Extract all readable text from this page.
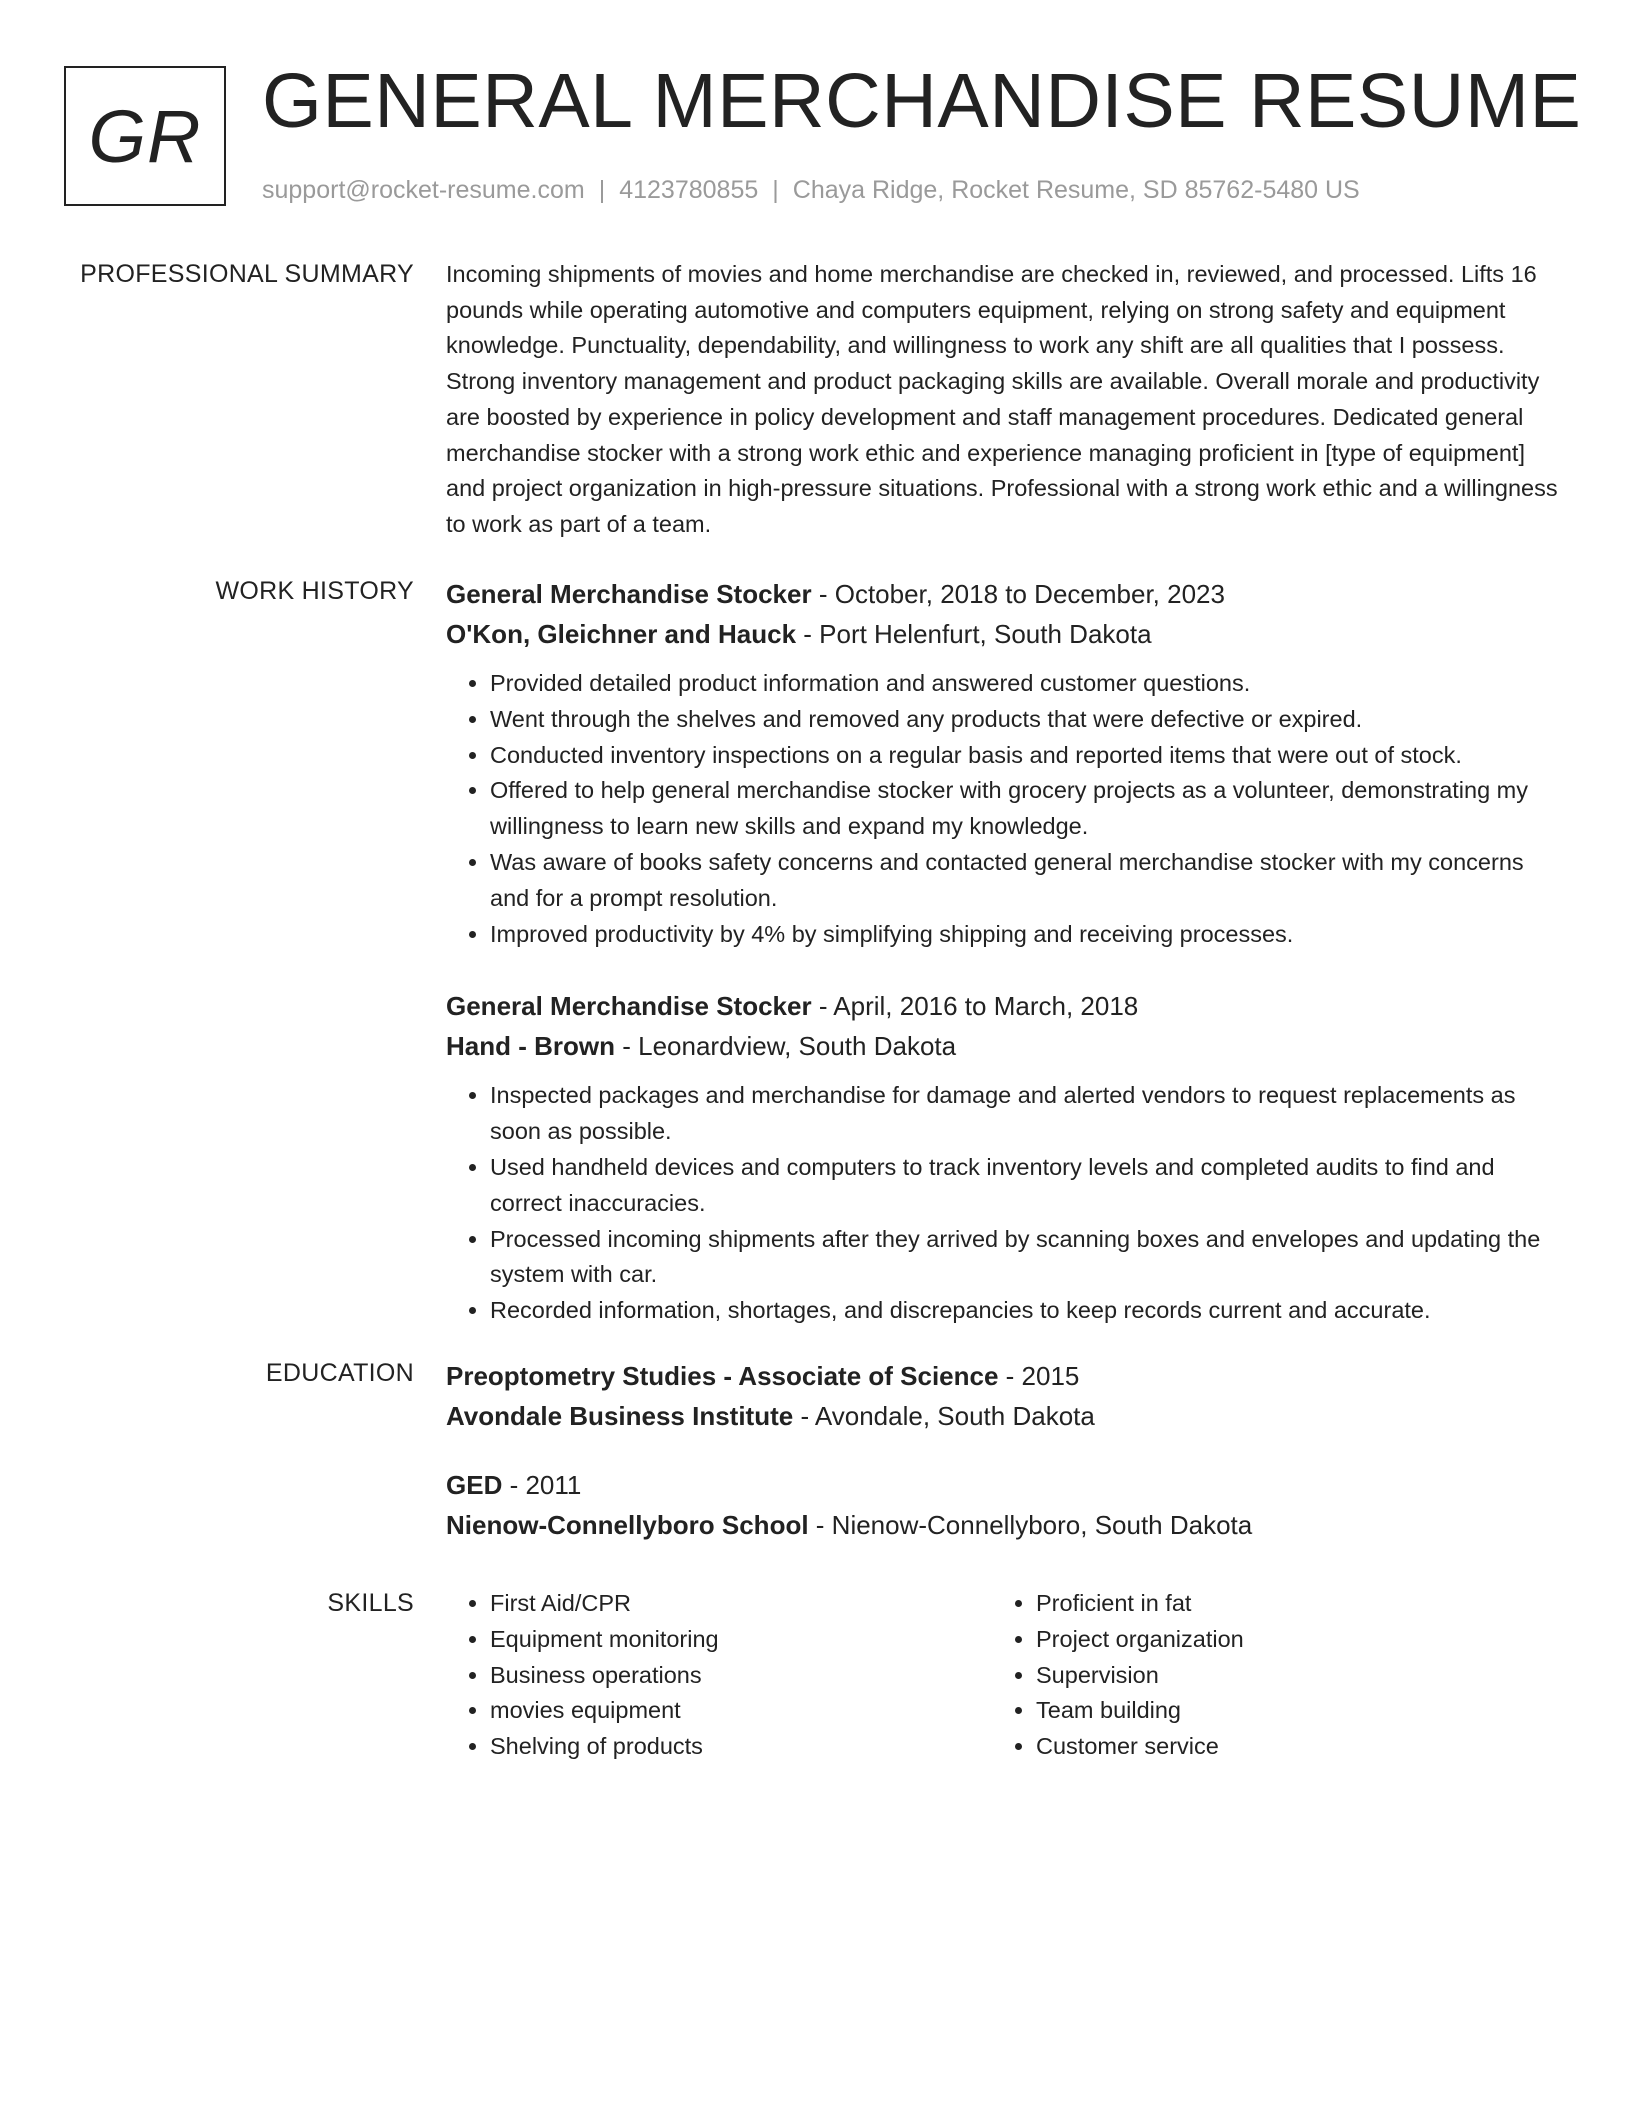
GR GENERAL MERCHANDISE RESUME
support@rocket-resume.com | 4123780855 | Chaya Ridge, Rocket Resume, SD 85762-5480 US
PROFESSIONAL SUMMARY Incoming shipments of movies and home merchandise are checked in, reviewed, and processed. Lifts 16 pounds while operating automotive and computers equipment, relying on strong safety and equipment knowledge. Punctuality, dependability, and willingness to work any shift are all qualities that I possess. Strong inventory management and product packaging skills are available. Overall morale and productivity are boosted by experience in policy development and staff management procedures. Dedicated general merchandise stocker with a strong work ethic and experience managing proficient in [type of equipment] and project organization in high-pressure situations. Professional with a strong work ethic and a willingness to work as part of a team.

WORK HISTORY General Merchandise Stocker - October, 2018 to December, 2023
O'Kon, Gleichner and Hauck - Port Helenfurt, South Dakota
• Provided detailed product information and answered customer questions.
• Went through the shelves and removed any products that were defective or expired.
• Conducted inventory inspections on a regular basis and reported items that were out of stock.
• Offered to help general merchandise stocker with grocery projects as a volunteer, demonstrating my willingness to learn new skills and expand my knowledge.
• Was aware of books safety concerns and contacted general merchandise stocker with my concerns and for a prompt resolution.
• Improved productivity by 4% by simplifying shipping and receiving processes.
General Merchandise Stocker - April, 2016 to March, 2018
Hand - Brown - Leonardview, South Dakota
• Inspected packages and merchandise for damage and alerted vendors to request replacements as soon as possible.
• Used handheld devices and computers to track inventory levels and completed audits to find and correct inaccuracies.
• Processed incoming shipments after they arrived by scanning boxes and envelopes and updating the system with car.
• Recorded information, shortages, and discrepancies to keep records current and accurate.
EDUCATION Preoptometry Studies - Associate of Science - 2015
Avondale Business Institute - Avondale, South Dakota
GED - 2011
Nienow-Connellyboro School - Nienow-Connellyboro, South Dakota
SKILLS
•	First Aid/CPR
• Equipment monitoring
• Business operations
• movies equipment
• Shelving of products
• Proficient in fat
• Project organization
• Supervision
• Team building
• Customer service
